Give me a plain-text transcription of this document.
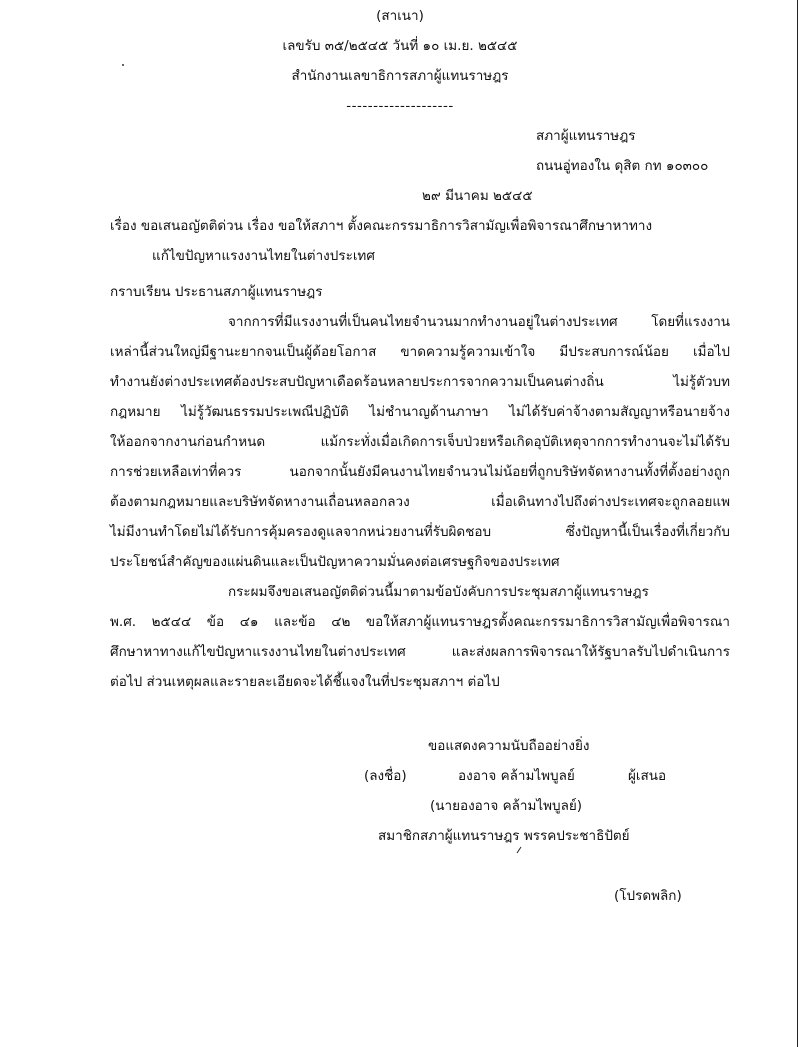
(สาเนา)
เลขรับ ๓๕/๒๕๔๕ วันที่ ๑๐ เม.ย. ๒๕๔๕
สำนักงานเลขาธิการสภาผู้แทนราษฎร
--------------------
สภาผู้แทนราษฎร
ถนนอู่ทองใน ดุสิต กท ๑๐๓๐๐
๒๙ มีนาคม ๒๕๔๕
เรื่อง ขอเสนอญัตติด่วน เรื่อง ขอให้สภาฯ ตั้งคณะกรรมาธิการวิสามัญเพื่อพิจารณาศึกษาหาทาง
แก้ไขปัญหาแรงงานไทยในต่างประเทศ
กราบเรียน ประธานสภาผู้แทนราษฎร
จากการที่มีแรงงานที่เป็นคนไทยจำนวนมากทำงานอยู่ในต่างประเทศ โดยที่แรงงาน
เหล่านี้ส่วนใหญ่มีฐานะยากจนเป็นผู้ด้อยโอกาส ขาดความรู้ความเข้าใจ มีประสบการณ์น้อย เมื่อไป
ทำงานยังต่างประเทศต้องประสบปัญหาเดือดร้อนหลายประการจากความเป็นคนต่างถิ่น ไม่รู้ตัวบท
กฎหมาย ไม่รู้วัฒนธรรมประเพณีปฏิบัติ ไม่ชำนาญด้านภาษา ไม่ได้รับค่าจ้างตามสัญญาหรือนายจ้าง
ให้ออกจากงานก่อนกำหนด แม้กระทั่งเมื่อเกิดการเจ็บป่วยหรือเกิดอุบัติเหตุจากการทำงานจะไม่ได้รับ
การช่วยเหลือเท่าที่ควร นอกจากนั้นยังมีคนงานไทยจำนวนไม่น้อยที่ถูกบริษัทจัดหางานทั้งที่ตั้งอย่างถูก
ต้องตามกฎหมายและบริษัทจัดหางานเถื่อนหลอกลวง เมื่อเดินทางไปถึงต่างประเทศจะถูกลอยแพ
ไม่มีงานทำโดยไม่ได้รับการคุ้มครองดูแลจากหน่วยงานที่รับผิดชอบ ซึ่งปัญหานี้เป็นเรื่องที่เกี่ยวกับ
ประโยชน์สำคัญของแผ่นดินและเป็นปัญหาความมั่นคงต่อเศรษฐกิจของประเทศ
กระผมจึงขอเสนอญัตติด่วนนี้มาตามข้อบังคับการประชุมสภาผู้แทนราษฎร
พ.ศ. ๒๕๔๔ ข้อ ๔๑ และข้อ ๔๒ ขอให้สภาผู้แทนราษฎรตั้งคณะกรรมาธิการวิสามัญเพื่อพิจารณา
ศึกษาหาทางแก้ไขปัญหาแรงงานไทยในต่างประเทศ และส่งผลการพิจารณาให้รัฐบาลรับไปดำเนินการ
ต่อไป ส่วนเหตุผลและรายละเอียดจะได้ชี้แจงในที่ประชุมสภาฯ ต่อไป
ขอแสดงความนับถืออย่างยิ่ง
(ลงชื่อ)	องอาจ คล้ามไพบูลย์	ผู้เสนอ
(นายองอาจ คล้ามไพบูลย์)
สมาชิกสภาผู้แทนราษฎร พรรคประชาธิปัตย์
(โปรดพลิก)
